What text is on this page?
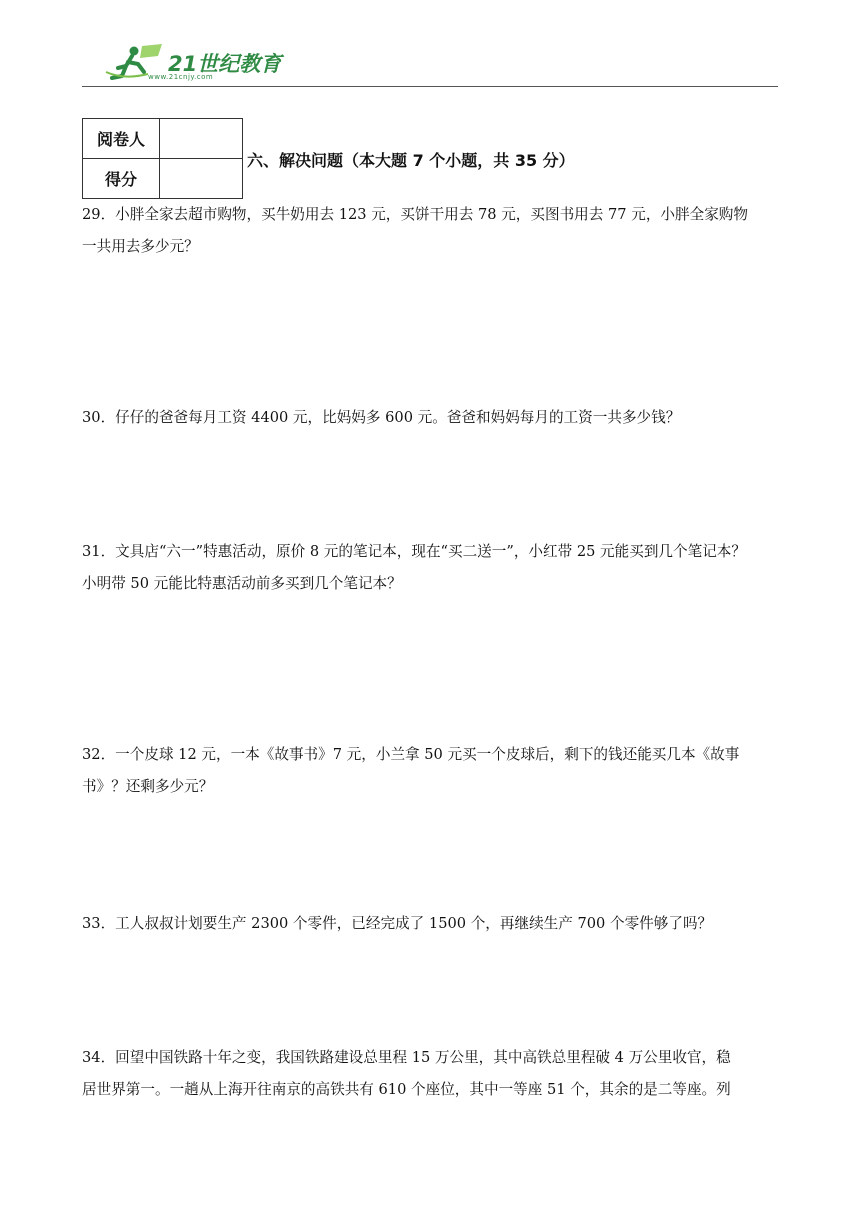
21世纪教育
www.21cnjy.com
阅卷人	
得分	
六、解决问题（本大题 7 个小题，共 35 分）

29．小胖全家去超市购物，买牛奶用去 123 元，买饼干用去 78 元，买图书用去 77 元，小胖全家购物

一共用去多少元？

30．仔仔的爸爸每月工资 4400 元，比妈妈多 600 元。爸爸和妈妈每月的工资一共多少钱？

31．文具店“六一”特惠活动，原价 8 元的笔记本，现在“买二送一”，小红带 25 元能买到几个笔记本？

小明带 50 元能比特惠活动前多买到几个笔记本？

32．一个皮球 12 元，一本《故事书》7 元，小兰拿 50 元买一个皮球后，剩下的钱还能买几本《故事

书》？还剩多少元？

33．工人叔叔计划要生产 2300 个零件，已经完成了 1500 个，再继续生产 700 个零件够了吗？

34．回望中国铁路十年之变，我国铁路建设总里程 15 万公里，其中高铁总里程破 4 万公里收官，稳

居世界第一。一趟从上海开往南京的高铁共有 610 个座位，其中一等座 51 个，其余的是二等座。列
